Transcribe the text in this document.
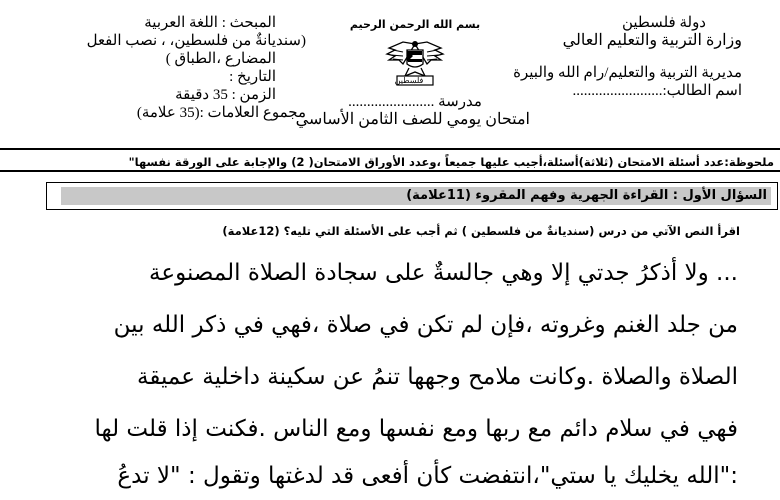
دولة فلسطين
وزارة التربية والتعليم العالي
مديرية التربية والتعليم/رام الله والبيرة
اسم الطالب:........................
بسم الله الرحمن الرحيم
فلسطين
مدرسة .......................
امتحان يومي للصف الثامن الأساسي
المبحث : اللغة العربية
(سنديانةٌ من فلسطين، ، نصب الفعل
المضارع ،الطباق )
التاريخ :
الزمن : 35 دقيقة
مجموع العلامات :(35 علامة)
ملحوظة:عدد أسئلة الامتحان (ثلاثة)أسئلة،أجيب عليها جميعاً ،وعدد الأوراق الامتحان( 2) والإجابة على الورقة نفسها"
السؤال الأول : القراءة الجهرية وفهم المقروء (11علامة)
اقرأ النص الآتي من درس (سنديانةٌ من فلسطين ) ثم أجب على الأسئلة التي تليه؟ (12علامة)
... ولا أذكرُ جدتي إلا وهي جالسةٌ على سجادة الصلاة المصنوعة
من جلد الغنم وغروته ،فإن لم تكن في صلاة ،فهي في ذكر الله بين
الصلاة والصلاة .وكانت ملامح وجهها تنمُ عن سكينة داخلية عميقة
فهي في سلام دائم مع ربها ومع نفسها ومع الناس .فكنت إذا قلت لها
:"الله يخليك يا ستي"،انتفضت كأن أفعى قد لدغتها وتقول : "لا تدعُ
